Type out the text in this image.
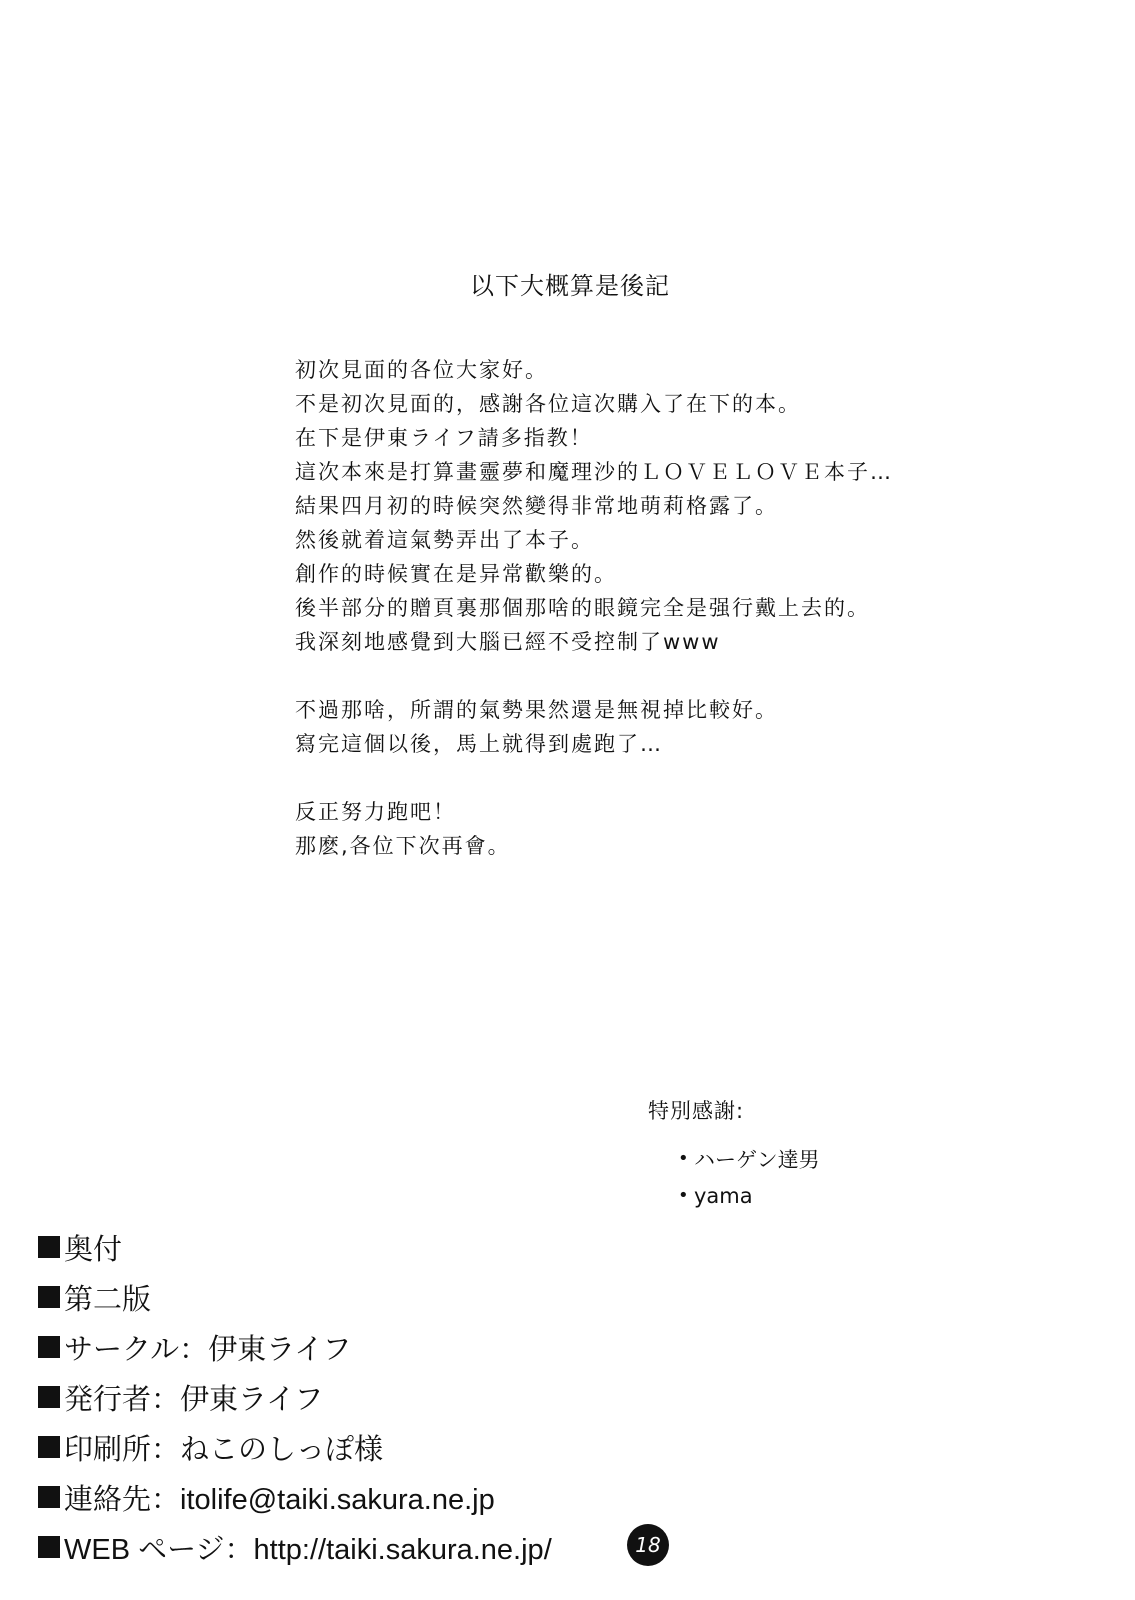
以下大概算是後記
初次見面的各位大家好。
不是初次見面的，感謝各位這次購入了在下的本。
在下是伊東ライフ請多指教！
這次本來是打算畫靈夢和魔理沙的ＬＯＶＥＬＯＶＥ本子…
結果四月初的時候突然變得非常地萌莉格露了。
然後就着這氣勢弄出了本子。
創作的時候實在是异常歡樂的。
後半部分的贈頁裏那個那啥的眼鏡完全是强行戴上去的。
我深刻地感覺到大腦已經不受控制了www
不過那啥，所謂的氣勢果然還是無視掉比較好。
寫完這個以後，馬上就得到處跑了…
反正努力跑吧！
那麽,各位下次再會。
特別感謝:
• ハーゲン達男
• yama
奥付
第二版
サークル：伊東ライフ
発行者：伊東ライフ
印刷所：ねこのしっぽ様
連絡先：itolife@taiki.sakura.ne.jp
WEB ページ：http://taiki.sakura.ne.jp/	18
